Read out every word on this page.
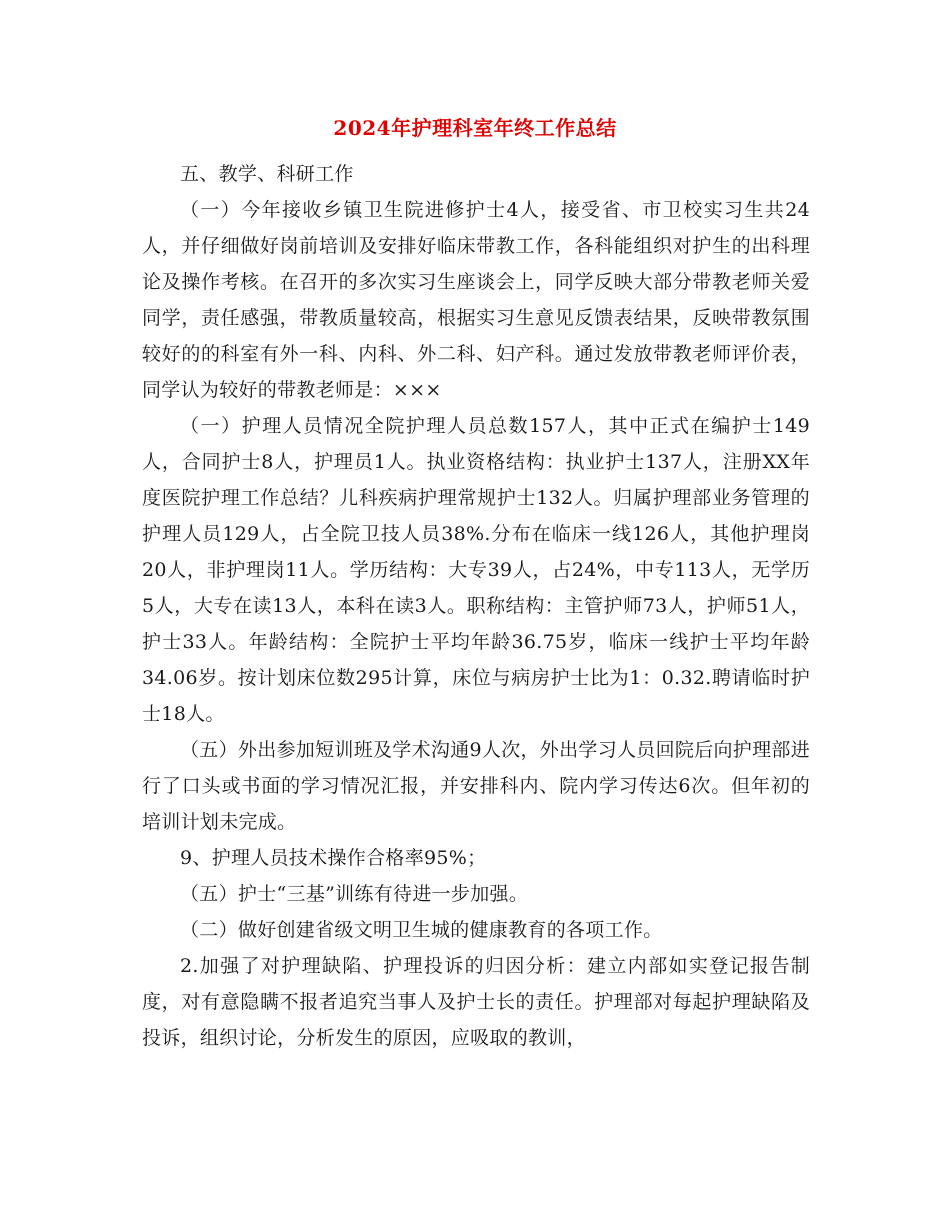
2024年护理科室年终工作总结

五、教学、科研工作

（一）今年接收乡镇卫生院进修护士4人，接受省、市卫校实习生共24人，并仔细做好岗前培训及安排好临床带教工作，各科能组织对护生的出科理论及操作考核。在召开的多次实习生座谈会上，同学反映大部分带教老师关爱同学，责任感强，带教质量较高，根据实习生意见反馈表结果，反映带教氛围较好的的科室有外一科、内科、外二科、妇产科。通过发放带教老师评价表，同学认为较好的带教老师是：×××

（一）护理人员情况全院护理人员总数157人，其中正式在编护士149人，合同护士8人，护理员1人。执业资格结构：执业护士137人，注册XX年度医院护理工作总结？儿科疾病护理常规护士132人。归属护理部业务管理的护理人员129人，占全院卫技人员38%.分布在临床一线126人，其他护理岗20人，非护理岗11人。学历结构：大专39人，占24%，中专113人，无学历5人，大专在读13人，本科在读3人。职称结构：主管护师73人，护师51人，护士33人。年龄结构：全院护士平均年龄36.75岁，临床一线护士平均年龄34.06岁。按计划床位数295计算，床位与病房护士比为1：0.32.聘请临时护士18人。

（五）外出参加短训班及学术沟通9人次，外出学习人员回院后向护理部进行了口头或书面的学习情况汇报，并安排科内、院内学习传达6次。但年初的培训计划未完成。

9、护理人员技术操作合格率95%；

（五）护士“三基”训练有待进一步加强。

（二）做好创建省级文明卫生城的健康教育的各项工作。

2.加强了对护理缺陷、护理投诉的归因分析：建立内部如实登记报告制度，对有意隐瞒不报者追究当事人及护士长的责任。护理部对每起护理缺陷及投诉，组织讨论，分析发生的原因，应吸取的教训，
